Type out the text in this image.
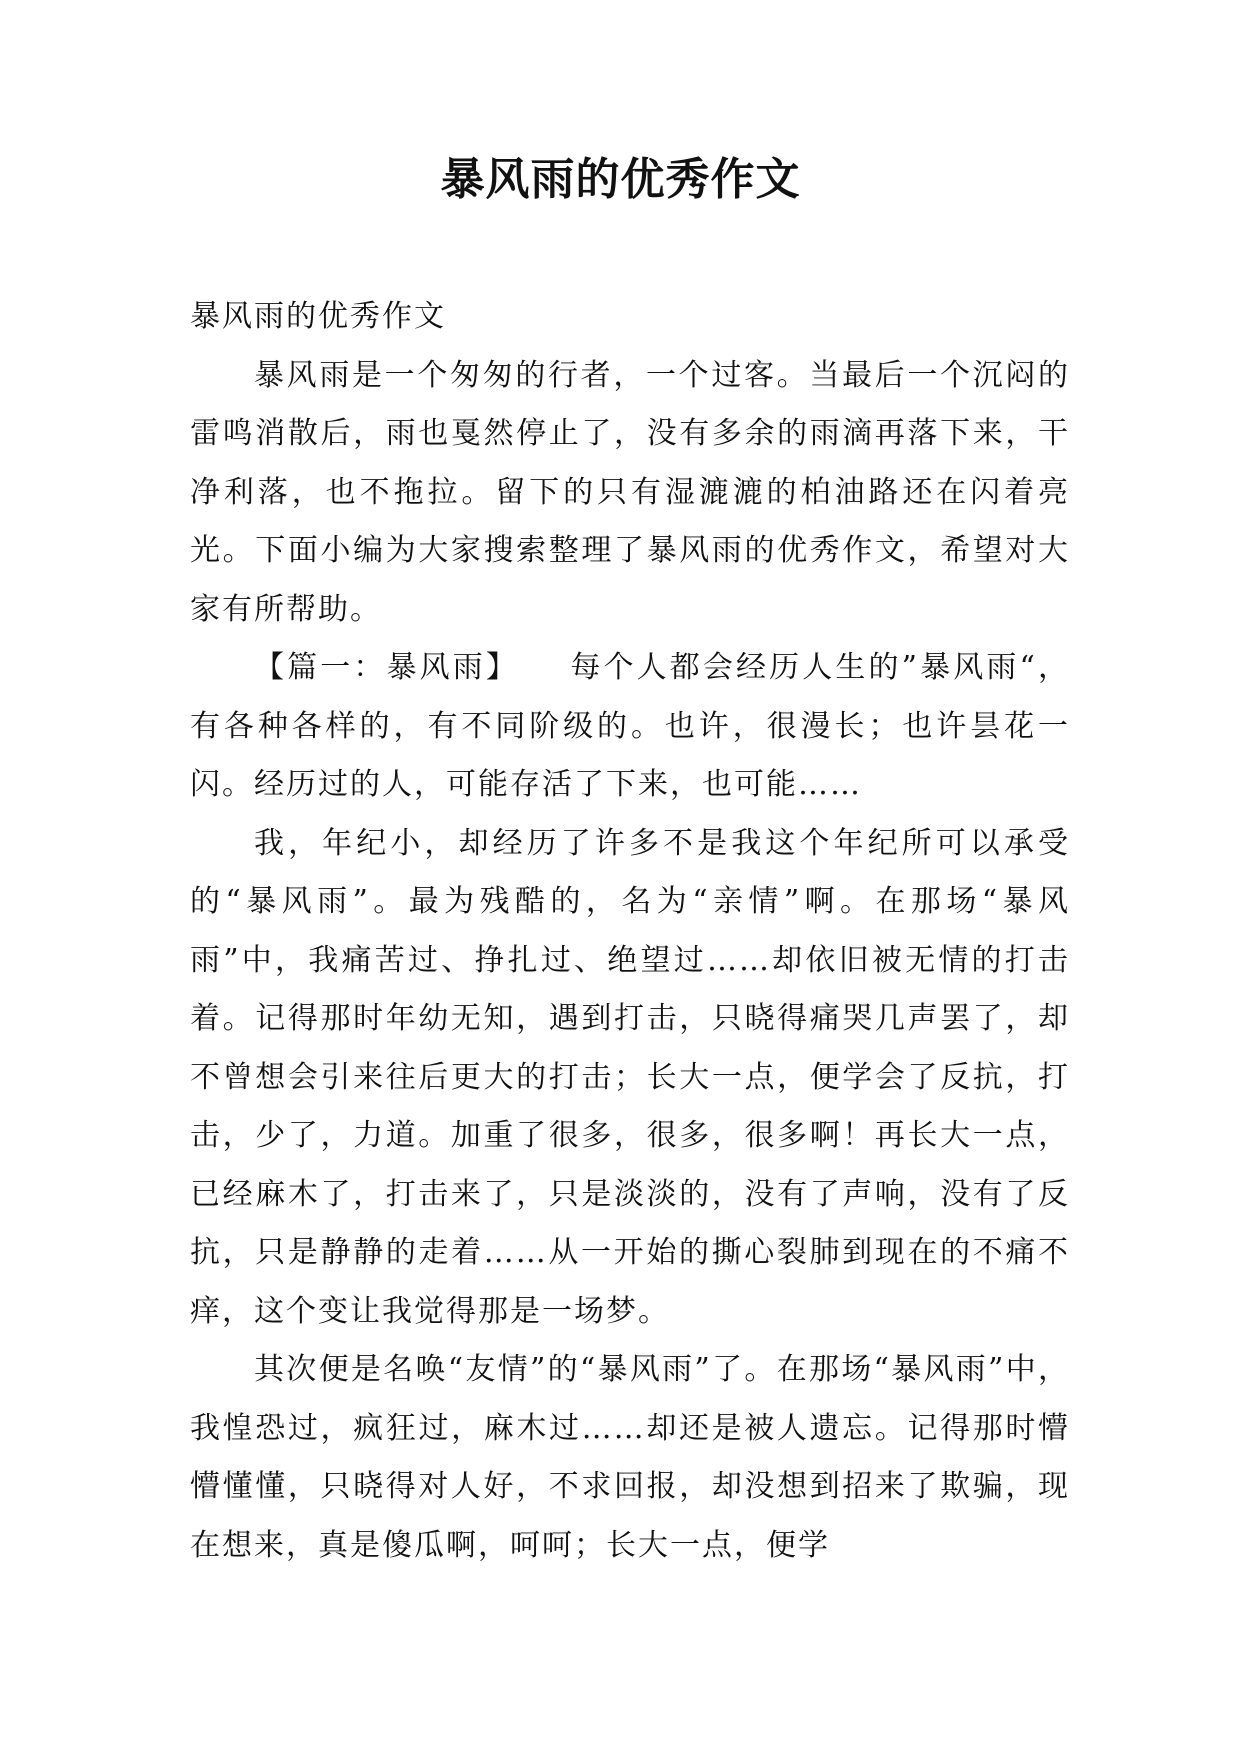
暴风雨的优秀作文

暴风雨的优秀作文

暴风雨是一个匆匆的行者，一个过客。当最后一个沉闷的雷鸣消散后，雨也戛然停止了，没有多余的雨滴再落下来，干净利落，也不拖拉。留下的只有湿漉漉的柏油路还在闪着亮光。下面小编为大家搜索整理了暴风雨的优秀作文，希望对大家有所帮助。

【篇一：暴风雨】　　每个人都会经历人生的”暴风雨“，有各种各样的，有不同阶级的。也许，很漫长；也许昙花一闪。经历过的人，可能存活了下来，也可能……

我，年纪小，却经历了许多不是我这个年纪所可以承受的“暴风雨”。最为残酷的，名为“亲情”啊。在那场“暴风雨”中，我痛苦过、挣扎过、绝望过……却依旧被无情的打击着。记得那时年幼无知，遇到打击，只晓得痛哭几声罢了，却不曾想会引来往后更大的打击；长大一点，便学会了反抗，打击，少了，力道。加重了很多，很多，很多啊！再长大一点，已经麻木了，打击来了，只是淡淡的，没有了声响，没有了反抗，只是静静的走着……从一开始的撕心裂肺到现在的不痛不痒，这个变让我觉得那是一场梦。

其次便是名唤“友情”的“暴风雨”了。在那场“暴风雨”中，我惶恐过，疯狂过，麻木过……却还是被人遗忘。记得那时懵懵懂懂，只晓得对人好，不求回报，却没想到招来了欺骗，现在想来，真是傻瓜啊，呵呵；长大一点，便学
